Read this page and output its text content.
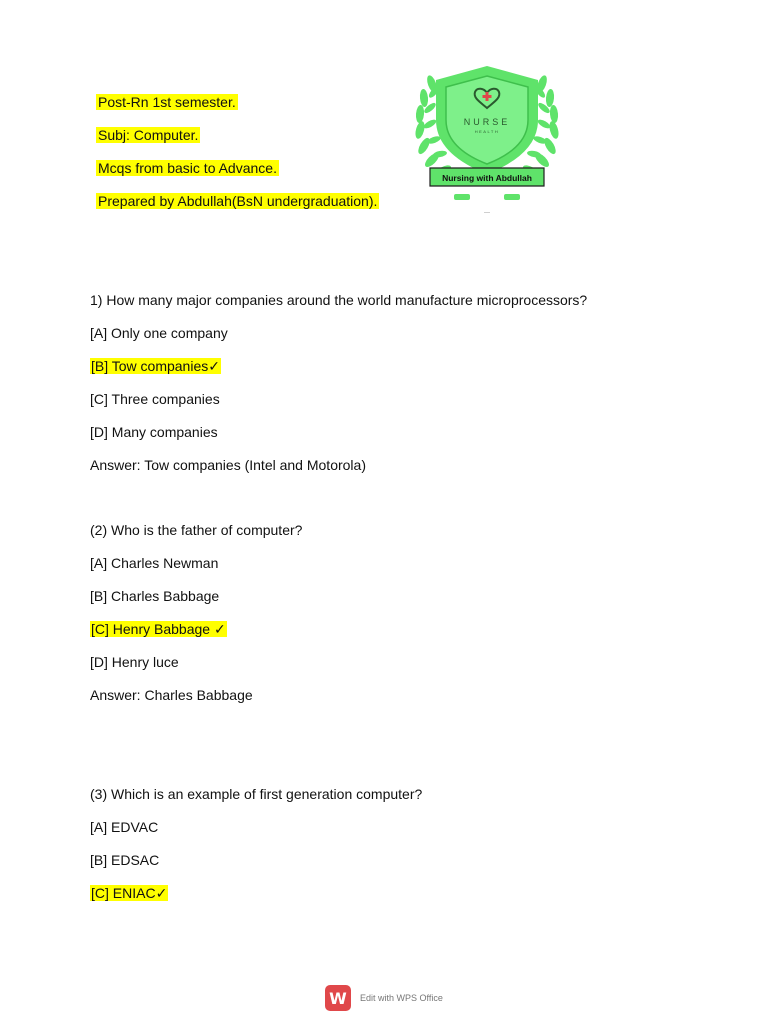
Post-Rn 1st semester.
Subj: Computer.
Mcqs from basic to Advance.
Prepared by Abdullah(BsN undergraduation).
NURSE
HEALTH
Nursing with Abdullah
1) How many major companies around the world manufacture microprocessors?
[A] Only one company
[B] Tow companies✓
[C] Three companies
[D] Many companies
Answer: Tow companies (Intel and Motorola)
(2) Who is the father of computer?
[A] Charles Newman
[B] Charles Babbage
[C] Henry Babbage ✓
[D] Henry luce
Answer: Charles Babbage
(3) Which is an example of first generation computer?
[A] EDVAC
[B] EDSAC
[C] ENIAC✓
W	Edit with WPS Office
